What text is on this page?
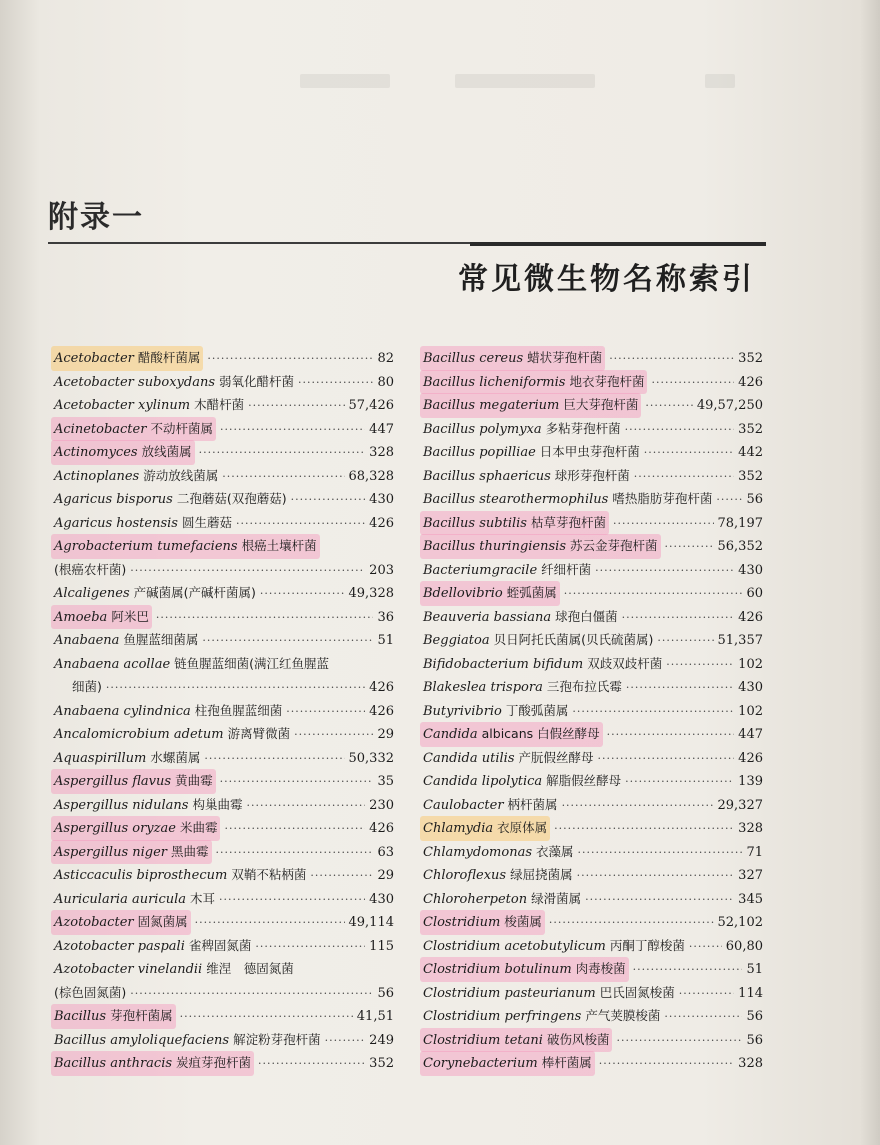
附录一
常见微生物名称索引
Acetobacter 醋酸杆菌属 ·····	82
Acetobacter suboxydans 弱氧化醋杆菌 ·····	80
Acetobacter xylinum 木醋杆菌 ·····	57,426
Acinetobacter 不动杆菌属 ·····	447
Actinomyces 放线菌属 ·····	328
Actinoplanes 游动放线菌属 ·····	68,328
Agaricus bisporus 二孢蘑菇(双孢蘑菇) ·····	430
Agaricus hostensis 圆生蘑菇 ·····	426
Agrobacterium tumefaciens 根癌土壤杆菌
(根癌农杆菌) ·····	203
Alcaligenes 产碱菌属(产碱杆菌属) ·····	49,328
Amoeba 阿米巴 ·····	36
Anabaena 鱼腥蓝细菌属 ·····	51
Anabaena acollae 链鱼腥蓝细菌(满江红鱼腥蓝
细菌) ·····	426
Anabaena cylindnica 柱孢鱼腥蓝细菌 ·····	426
Ancalomicrobium adetum 游离臂微菌 ·····	29
Aquaspirillum 水螺菌属 ·····	50,332
Aspergillus flavus 黄曲霉 ·····	35
Aspergillus nidulans 构巢曲霉 ·····	230
Aspergillus oryzae 米曲霉 ·····	426
Aspergillus niger 黑曲霉 ·····	63
Asticcaculis biprosthecum 双鞘不粘柄菌 ·····	29
Auricularia auricula 木耳 ·····	430
Azotobacter 固氮菌属 ·····	49,114
Azotobacter paspali 雀稗固氮菌 ·····	115
Azotobacter vinelandii 维涅　德固氮菌
(棕色固氮菌) ·····	56
Bacillus 芽孢杆菌属 ·····	41,51
Bacillus amyloliquefaciens 解淀粉芽孢杆菌 ·····	249
Bacillus anthracis 炭疽芽孢杆菌 ·····	352
Bacillus cereus 蜡状芽孢杆菌 ·····	352
Bacillus licheniformis 地衣芽孢杆菌 ·····	426
Bacillus megaterium 巨大芽孢杆菌 ·····	49,57,250
Bacillus polymyxa 多粘芽孢杆菌 ·····	352
Bacillus popilliae 日本甲虫芽孢杆菌 ·····	442
Bacillus sphaericus 球形芽孢杆菌 ·····	352
Bacillus stearothermophilus 嗜热脂肪芽孢杆菌 ·····	56
Bacillus subtilis 枯草芽孢杆菌 ·····	78,197
Bacillus thuringiensis 苏云金芽孢杆菌 ·····	56,352
Bacteriumgracile 纤细杆菌 ·····	430
Bdellovibrio 蛭弧菌属 ·····	60
Beauveria bassiana 球孢白僵菌 ·····	426
Beggiatoa 贝日阿托氏菌属(贝氏硫菌属) ·····	51,357
Bifidobacterium bifidum 双歧双歧杆菌 ·····	102
Blakeslea trispora 三孢布拉氏霉 ·····	430
Butyrivibrio 丁酸弧菌属 ·····	102
Candida albicans 白假丝酵母 ·····	447
Candida utilis 产朊假丝酵母 ·····	426
Candida lipolytica 解脂假丝酵母 ·····	139
Caulobacter 柄杆菌属 ·····	29,327
Chlamydia 衣原体属 ·····	328
Chlamydomonas 衣藻属 ·····	71
Chloroflexus 绿屈挠菌属 ·····	327
Chloroherpeton 绿滑菌属 ·····	345
Clostridium 梭菌属 ·····	52,102
Clostridium acetobutylicum 丙酮丁醇梭菌 ·····	60,80
Clostridium botulinum 肉毒梭菌 ·····	51
Clostridium pasteurianum 巴氏固氮梭菌 ·····	114
Clostridium perfringens 产气荚膜梭菌 ·····	56
Clostridium tetani 破伤风梭菌 ·····	56
Corynebacterium 棒杆菌属 ·····	328
